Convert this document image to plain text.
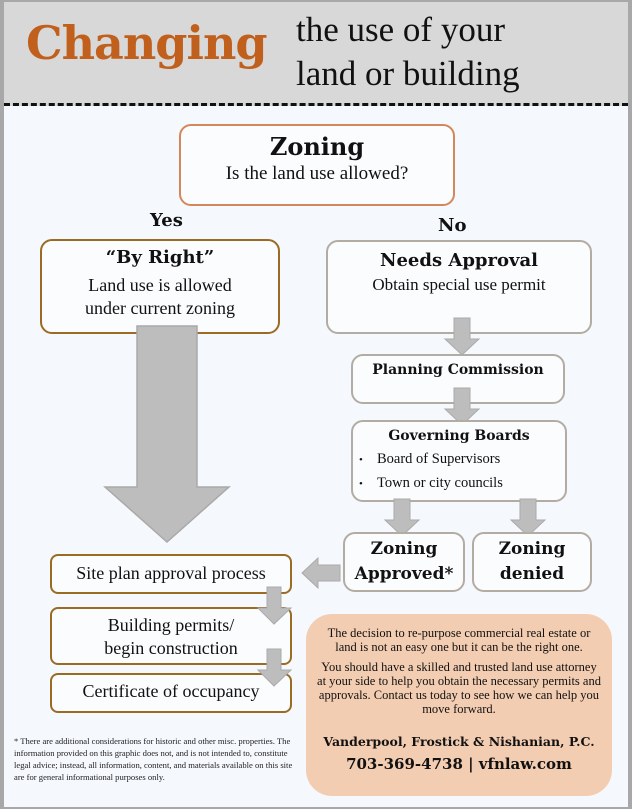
Changing the use of your
land or building
Zoning
Is the land use allowed?
Yes	No
“By Right”
Land use is allowed
under current zoning
Needs Approval
Obtain special use permit
Planning Commission
Governing Boards
• Board of Supervisors
• Town or city councils
Zoning
Approved*
Zoning
denied
Site plan approval process
Building permits/
begin construction
Certificate of occupancy

The decision to re-purpose commercial real estate or land is not an easy one but it can be the right one.

You should have a skilled and trusted land use attorney at your side to help you obtain the necessary permits and approvals. Contact us today to see how we can help you move forward.

Vanderpool, Frostick & Nishanian, P.C.
703-369-4738 | vfnlaw.com
* There are additional considerations for historic and other misc. properties. The information provided on this graphic does not, and is not intended to, constitute legal advice; instead, all information, content, and materials available on this site are for general informational purposes only.
